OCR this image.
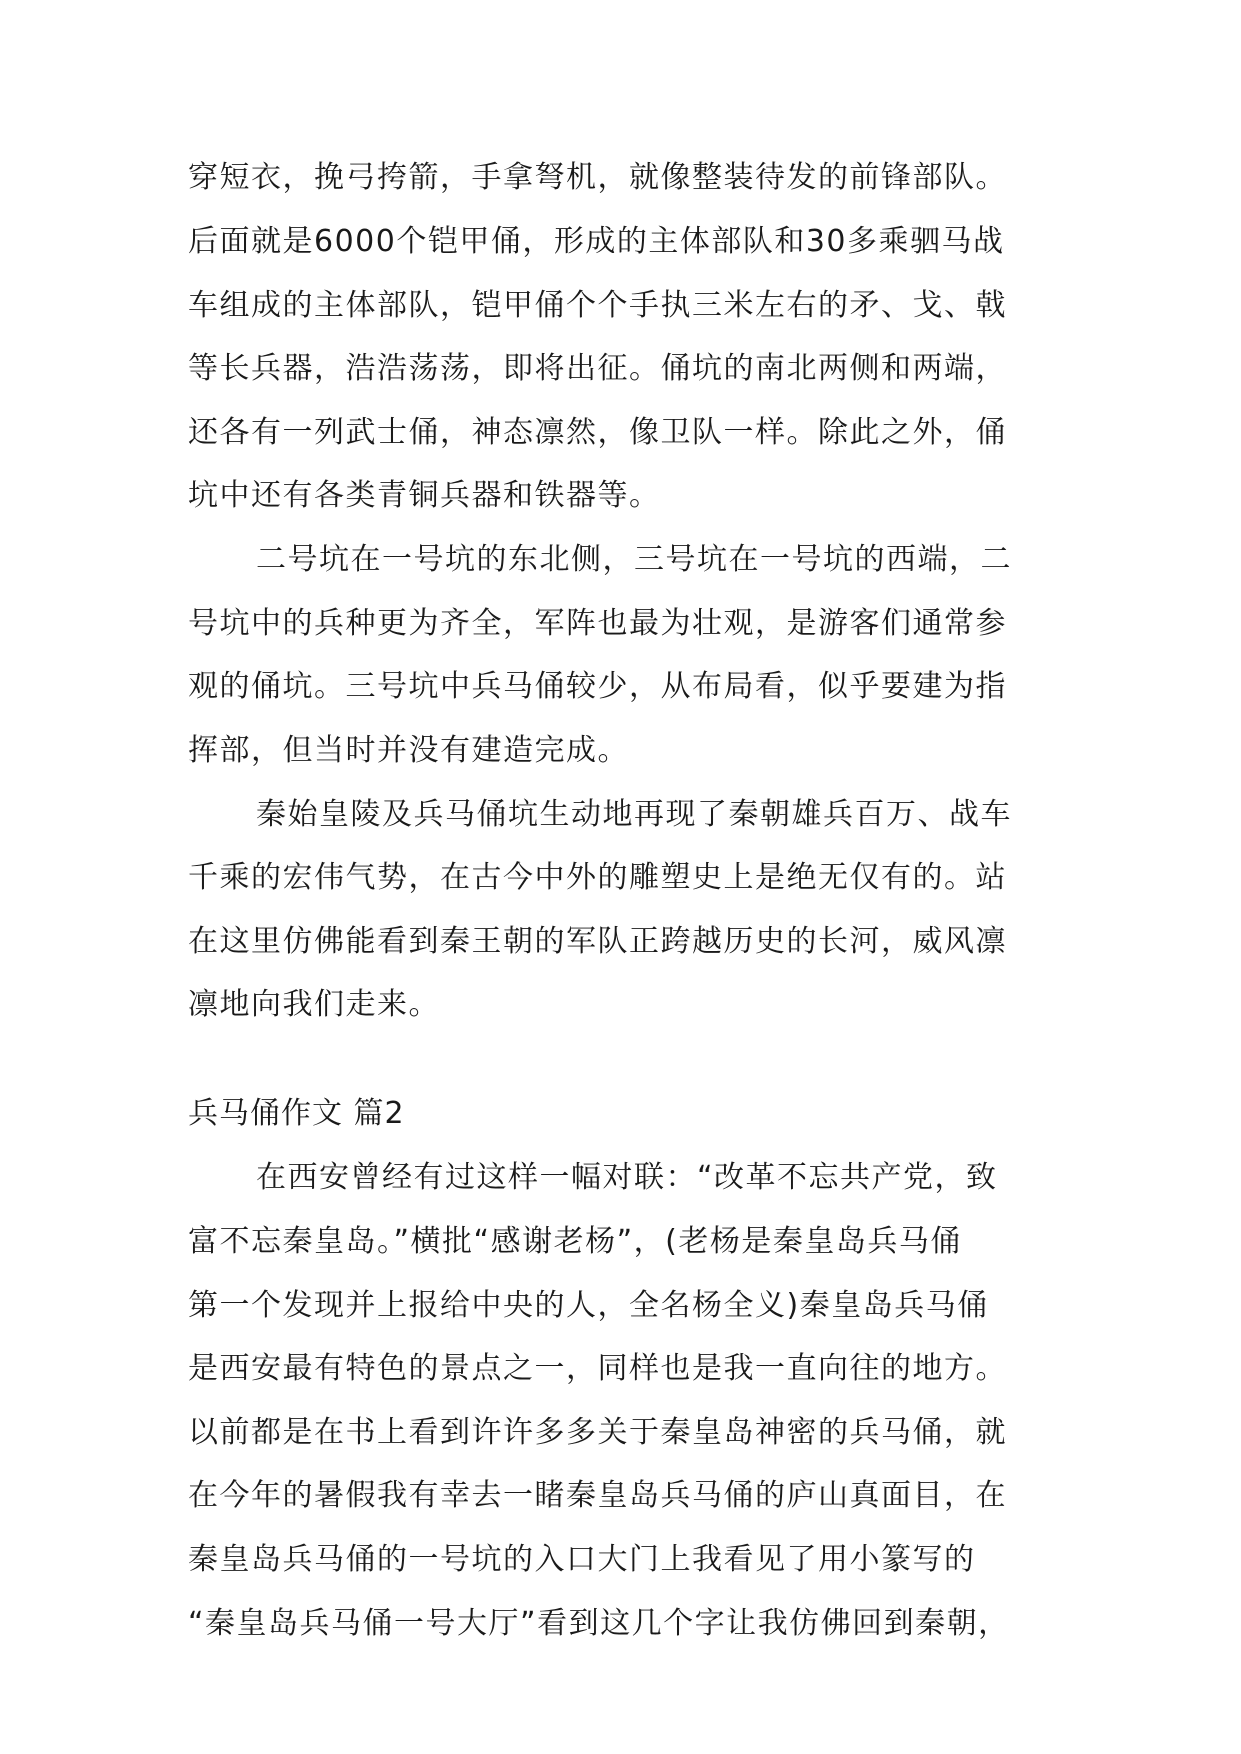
穿短衣，挽弓挎箭，手拿弩机，就像整装待发的前锋部队。
后面就是6000个铠甲俑，形成的主体部队和30多乘驷马战
车组成的主体部队，铠甲俑个个手执三米左右的矛、戈、戟
等长兵器，浩浩荡荡，即将出征。俑坑的南北两侧和两端，
还各有一列武士俑，神态凛然，像卫队一样。除此之外，俑
坑中还有各类青铜兵器和铁器等。
二号坑在一号坑的东北侧，三号坑在一号坑的西端，二
号坑中的兵种更为齐全，军阵也最为壮观，是游客们通常参
观的俑坑。三号坑中兵马俑较少，从布局看，似乎要建为指
挥部，但当时并没有建造完成。
秦始皇陵及兵马俑坑生动地再现了秦朝雄兵百万、战车
千乘的宏伟气势，在古今中外的雕塑史上是绝无仅有的。站
在这里仿佛能看到秦王朝的军队正跨越历史的长河，威风凛
凛地向我们走来。
兵马俑作文 篇2
在西安曾经有过这样一幅对联：“改革不忘共产党，致
富不忘秦皇岛。”横批“感谢老杨”，(老杨是秦皇岛兵马俑
第一个发现并上报给中央的人，全名杨全义)秦皇岛兵马俑
是西安最有特色的景点之一，同样也是我一直向往的地方。
以前都是在书上看到许许多多关于秦皇岛神密的兵马俑，就
在今年的暑假我有幸去一睹秦皇岛兵马俑的庐山真面目，在
秦皇岛兵马俑的一号坑的入口大门上我看见了用小篆写的
“秦皇岛兵马俑一号大厅”看到这几个字让我仿佛回到秦朝，
